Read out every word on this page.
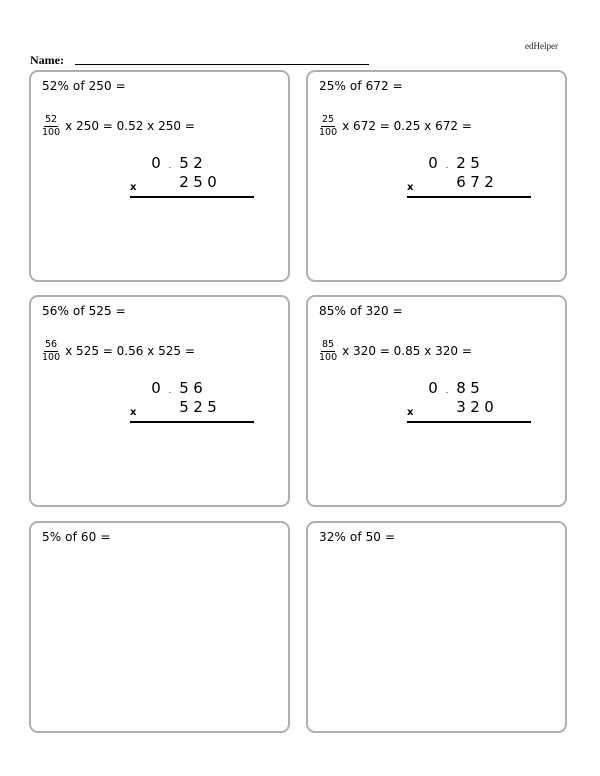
edHelper
Name:
52% of 250 =
$\frac{52}{100}$ x 250 = 0.52 x 250 =
0 . 5 2
2 5 0
x
25% of 672 =
$\frac{25}{100}$ x 672 = 0.25 x 672 =
0 . 2 5
6 7 2
x
56% of 525 =
$\frac{56}{100}$ x 525 = 0.56 x 525 =
0 . 5 6
5 2 5
x
85% of 320 =
$\frac{85}{100}$ x 320 = 0.85 x 320 =
0 . 8 5
3 2 0
x
5% of 60 =	32% of 50 =
